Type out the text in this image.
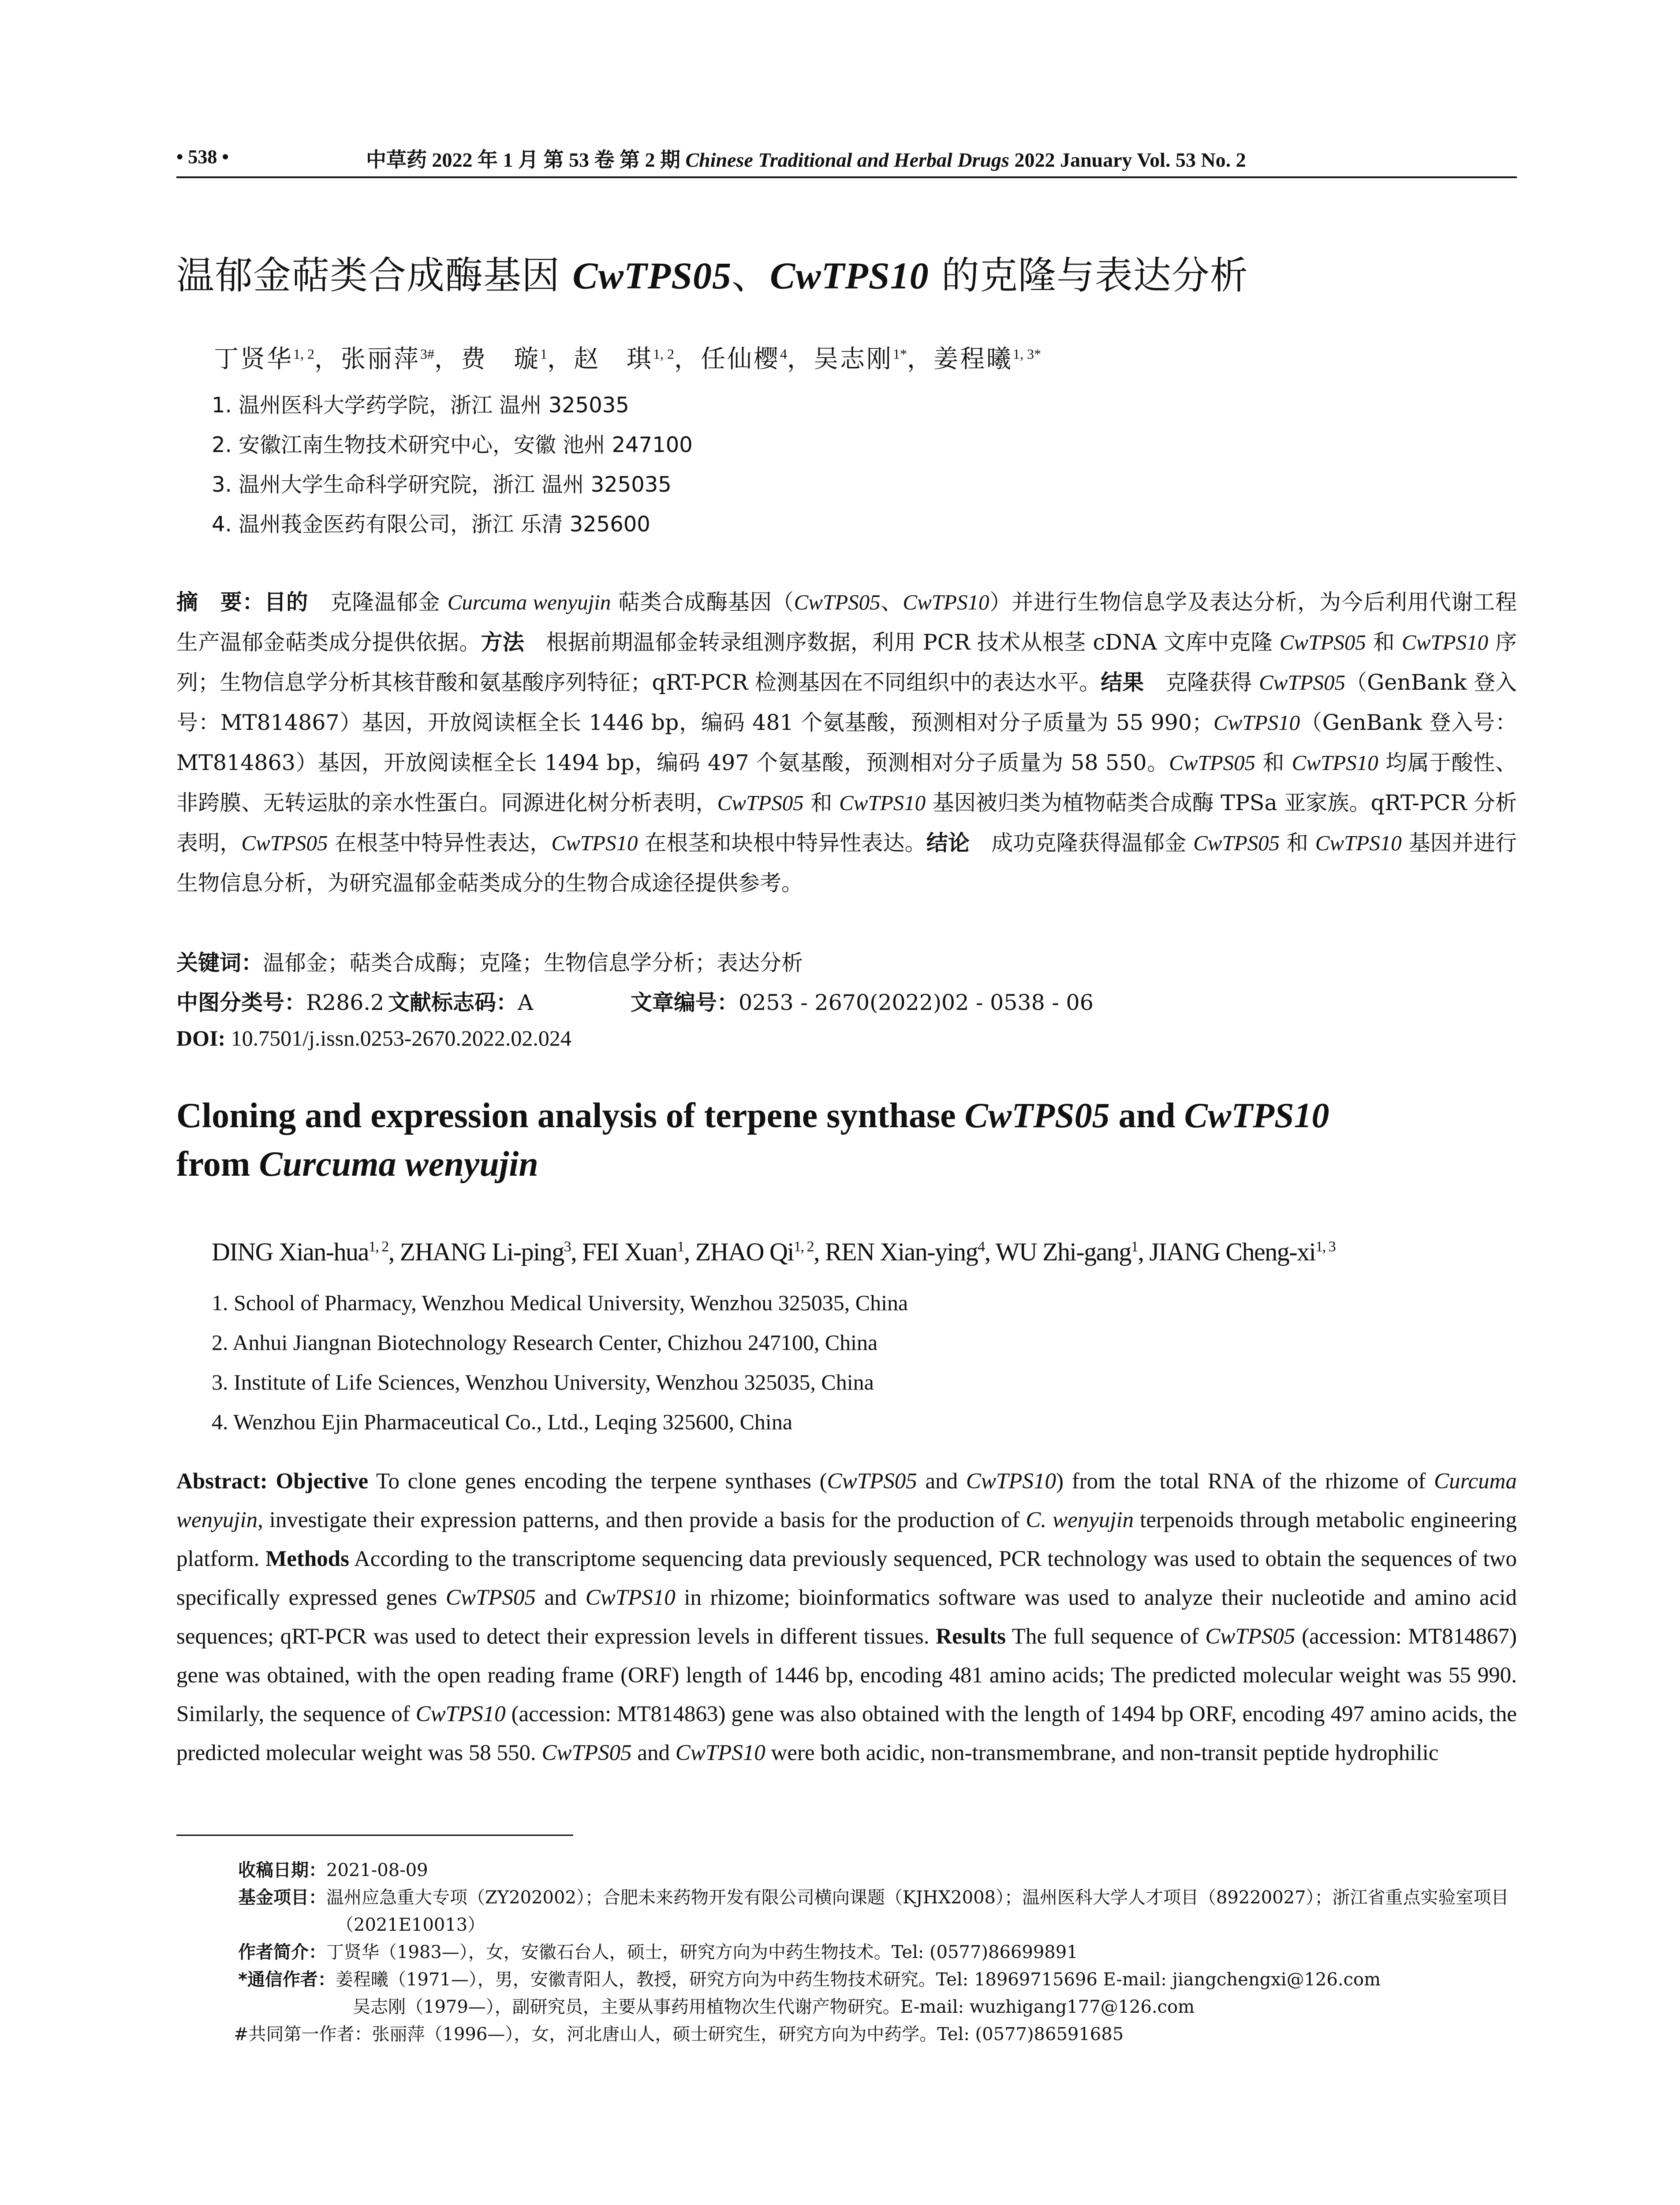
• 538 •	中草药 2022 年 1 月 第 53 卷 第 2 期 Chinese Traditional and Herbal Drugs 2022 January Vol. 53 No. 2
温郁金萜类合成酶基因 CwTPS05、CwTPS10 的克隆与表达分析
丁贤华$^{1, 2}$，张丽萍$^{3\#}$，费　璇$^1$，赵　琪$^{1, 2}$，任仙樱$^4$，吴志刚$^{1*}$，姜程曦$^{1, 3*}$
1. 温州医科大学药学院，浙江 温州 325035
2. 安徽江南生物技术研究中心，安徽 池州 247100
3. 温州大学生命科学研究院，浙江 温州 325035
4. 温州莪金医药有限公司，浙江 乐清 325600
摘　要：目的　克隆温郁金 Curcuma wenyujin 萜类合成酶基因（CwTPS05、CwTPS10）并进行生物信息学及表达分析，为今后利用代谢工程生产温郁金萜类成分提供依据。方法　根据前期温郁金转录组测序数据，利用 PCR 技术从根茎 cDNA 文库中克隆 CwTPS05 和 CwTPS10 序列；生物信息学分析其核苷酸和氨基酸序列特征；qRT-PCR 检测基因在不同组织中的表达水平。结果　克隆获得 CwTPS05（GenBank 登入号：MT814867）基因，开放阅读框全长 1446 bp，编码 481 个氨基酸，预测相对分子质量为 55 990；CwTPS10（GenBank 登入号：MT814863）基因，开放阅读框全长 1494 bp，编码 497 个氨基酸，预测相对分子质量为 58 550。CwTPS05 和 CwTPS10 均属于酸性、非跨膜、无转运肽的亲水性蛋白。同源进化树分析表明，CwTPS05 和 CwTPS10 基因被归类为植物萜类合成酶 TPSa 亚家族。qRT-PCR 分析表明，CwTPS05 在根茎中特异性表达，CwTPS10 在根茎和块根中特异性表达。结论　成功克隆获得温郁金 CwTPS05 和 CwTPS10 基因并进行生物信息分析，为研究温郁金萜类成分的生物合成途径提供参考。
关键词：温郁金；萜类合成酶；克隆；生物信息学分析；表达分析
中图分类号：R286.2 文献标志码：A	文章编号：0253 - 2670(2022)02 - 0538 - 06
DOI: 10.7501/j.issn.0253-2670.2022.02.024
Cloning and expression analysis of terpene synthase CwTPS05 and CwTPS10
from Curcuma wenyujin
DING Xian-hua$^{1, 2}$, ZHANG Li-ping$^3$, FEI Xuan$^1$, ZHAO Qi$^{1, 2}$, REN Xian-ying$^4$, WU Zhi-gang$^1$, JIANG Cheng-xi$^{1, 3}$
1. School of Pharmacy, Wenzhou Medical University, Wenzhou 325035, China
2. Anhui Jiangnan Biotechnology Research Center, Chizhou 247100, China
3. Institute of Life Sciences, Wenzhou University, Wenzhou 325035, China
4. Wenzhou Ejin Pharmaceutical Co., Ltd., Leqing 325600, China
Abstract: Objective To clone genes encoding the terpene synthases (CwTPS05 and CwTPS10) from the total RNA of the rhizome of Curcuma wenyujin, investigate their expression patterns, and then provide a basis for the production of C. wenyujin terpenoids through metabolic engineering platform. Methods According to the transcriptome sequencing data previously sequenced, PCR technology was used to obtain the sequences of two specifically expressed genes CwTPS05 and CwTPS10 in rhizome; bioinformatics software was used to analyze their nucleotide and amino acid sequences; qRT-PCR was used to detect their expression levels in different tissues. Results The full sequence of CwTPS05 (accession: MT814867) gene was obtained, with the open reading frame (ORF) length of 1446 bp, encoding 481 amino acids; The predicted molecular weight was 55 990. Similarly, the sequence of CwTPS10 (accession: MT814863) gene was also obtained with the length of 1494 bp ORF, encoding 497 amino acids, the predicted molecular weight was 58 550. CwTPS05 and CwTPS10 were both acidic, non-transmembrane, and non-transit peptide hydrophilic
收稿日期：2021-08-09
基金项目：温州应急重大专项（ZY202002）；合肥未来药物开发有限公司横向课题（KJHX2008）；温州医科大学人才项目（89220027）；浙江省重点实验室项目（2021E10013）
作者简介：丁贤华（1983—），女，安徽石台人，硕士，研究方向为中药生物技术。Tel: (0577)86699891
*通信作者：姜程曦（1971—），男，安徽青阳人，教授，研究方向为中药生物技术研究。Tel: 18969715696 E-mail: jiangchengxi@126.com
吴志刚（1979—），副研究员，主要从事药用植物次生代谢产物研究。E-mail: wuzhigang177@126.com
#共同第一作者：张丽萍（1996—），女，河北唐山人，硕士研究生，研究方向为中药学。Tel: (0577)86591685
